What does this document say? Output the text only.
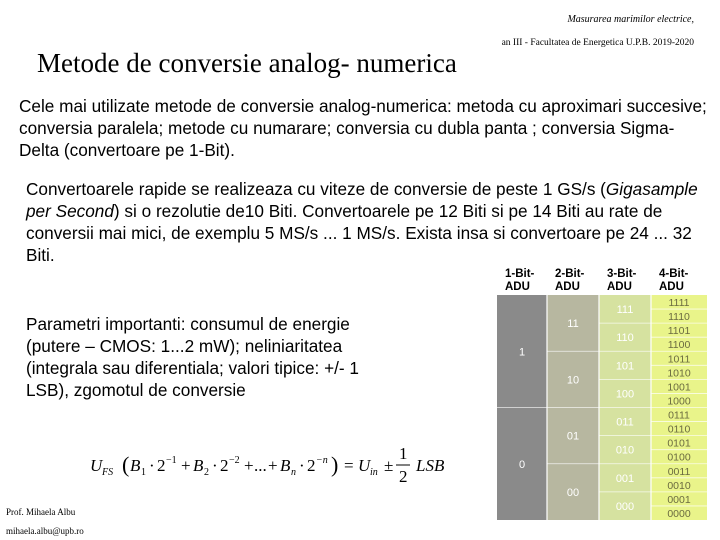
Masurarea marimilor electrice,
an III - Facultatea de Energetica U.P.B. 2019-2020
Metode de conversie analog- numerica

Cele mai utilizate metode de conversie analog-numerica: metoda cu aproximari succesive; conversia paralela; metode cu numarare; conversia cu dubla panta ; conversia Sigma-Delta (convertoare pe 1-Bit).

Convertoarele rapide se realizeaza cu viteze de conversie de peste 1 GS/s (Gigasample per Second) si o rezolutie de10 Biti. Convertoarele pe 12 Biti si pe 14 Biti au rate de conversii mai mici, de exemplu 5 MS/s ... 1 MS/s. Exista insa si convertoare pe 24 ... 32 Biti.

Parametri importanti: consumul de energie (putere – CMOS: 1...2 mW); neliniaritatea (integrala sau diferentiala; valori tipice: +/- 1 LSB), zgomotul de conversie

U FS ( B 1 · 2 −1 + B 2 · 2 −2 + ... + B n · 2 −n ) = U in ±
1
2
LSB
Prof. Mihaela Albu
mihaela.albu@upb.ro
1-Bit-ADU
2-Bit-ADU
3-Bit-ADU
4-Bit-ADU
1
0
11
10
01
00
111
110
101
100
011
010
001
000
1111
1110
1101
1100
1011
1010
1001
1000
0111
0110
0101
0100
0011
0010
0001
0000
